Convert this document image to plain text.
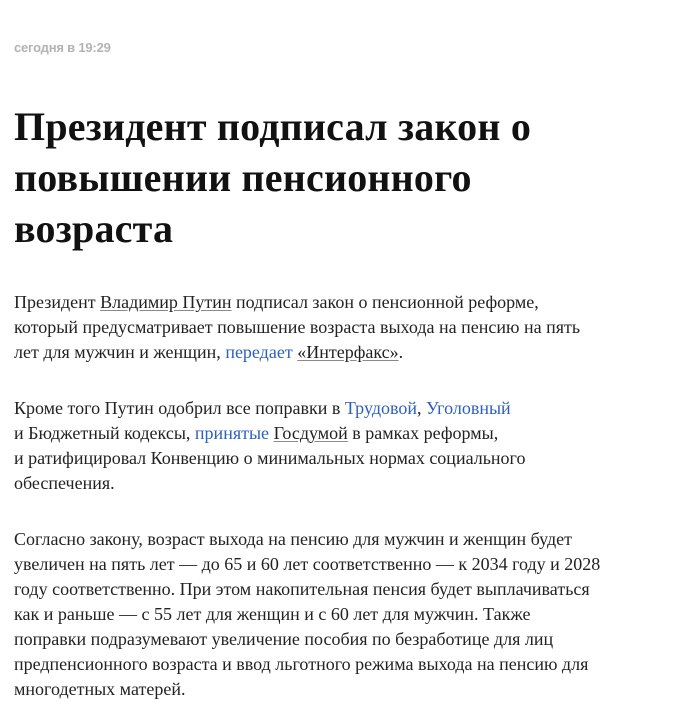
сегодня в 19:29
Президент подписал закон о
повышении пенсионного
возраста

Президент Владимир Путин подписал закон о пенсионной реформе,
который предусматривает повышение возраста выхода на пенсию на пять
лет для мужчин и женщин, передает «Интерфакс».

Кроме того Путин одобрил все поправки в Трудовой, Уголовный
и Бюджетный кодексы, принятые Госдумой в рамках реформы,
и ратифицировал Конвенцию о минимальных нормах социального
обеспечения.

Согласно закону, возраст выхода на пенсию для мужчин и женщин будет
увеличен на пять лет — до 65 и 60 лет соответственно — к 2034 году и 2028
году соответственно. При этом накопительная пенсия будет выплачиваться
как и раньше — с 55 лет для женщин и с 60 лет для мужчин. Также
поправки подразумевают увеличение пособия по безработице для лиц
предпенсионного возраста и ввод льготного режима выхода на пенсию для
многодетных матерей.
